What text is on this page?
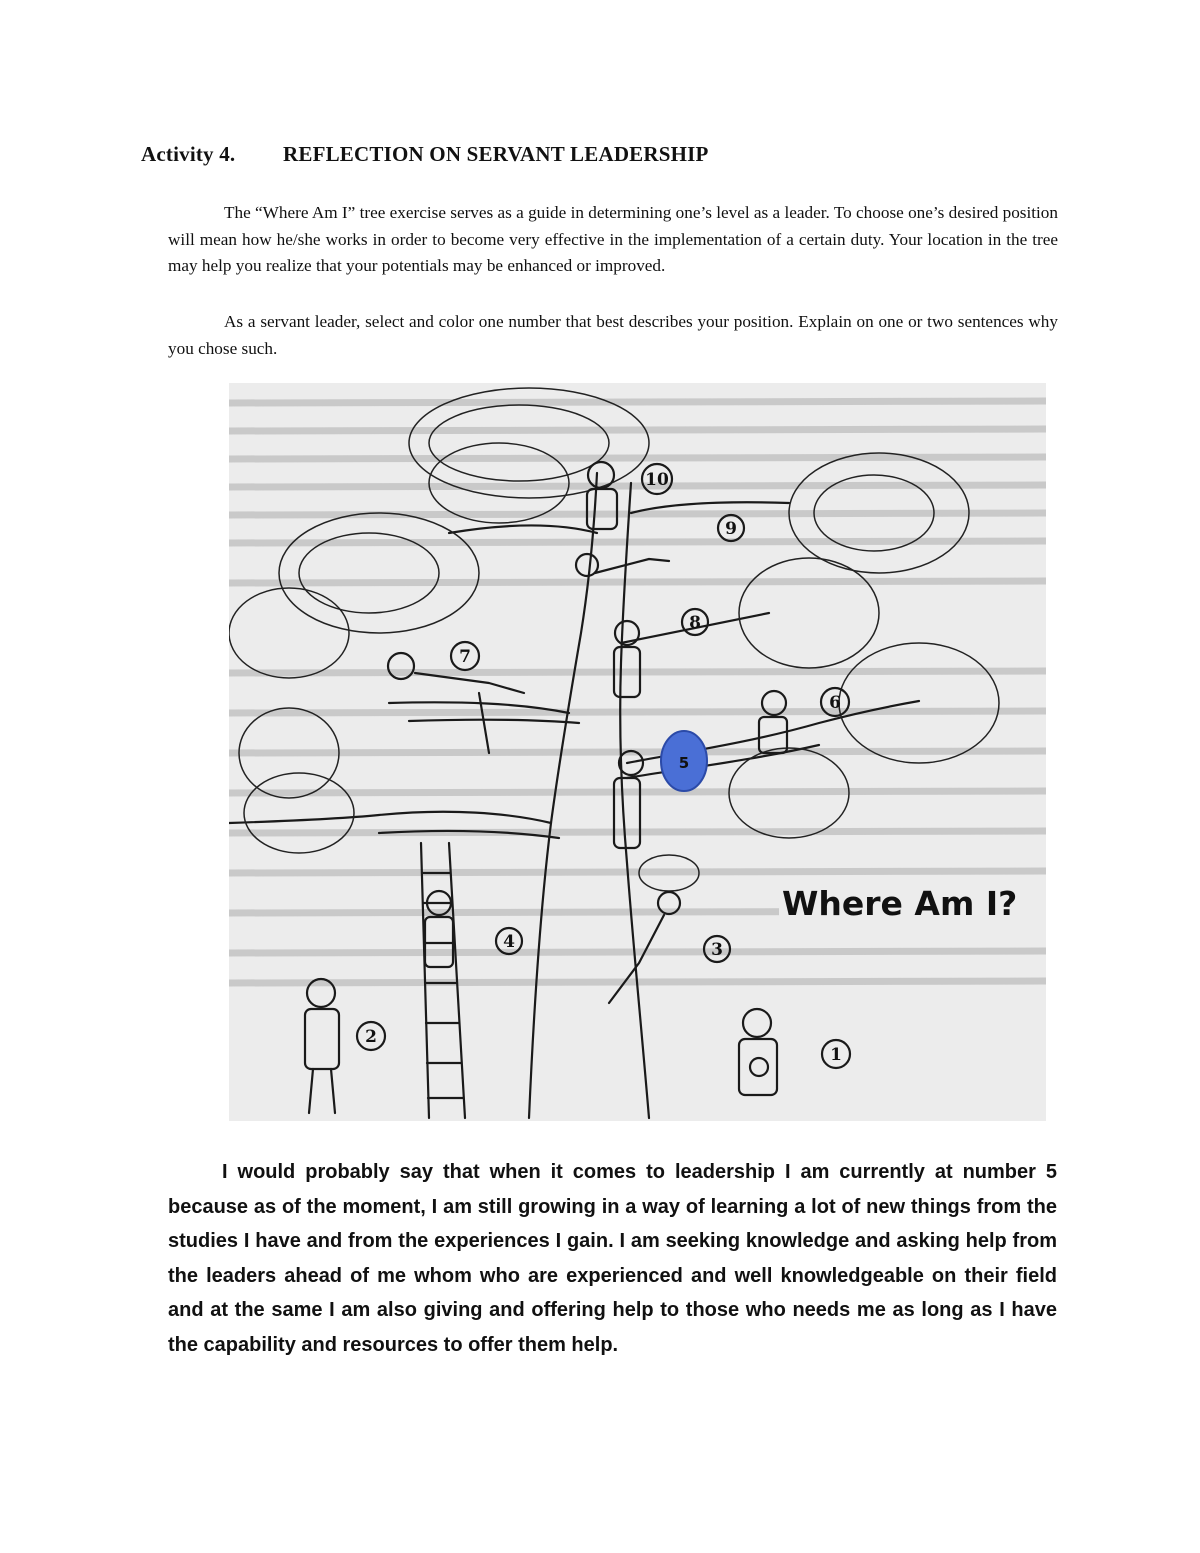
Activity 4. REFLECTION ON SERVANT LEADERSHIP

The “Where Am I” tree exercise serves as a guide in determining one’s level as a leader. To choose one’s desired position will mean how he/she works in order to become very effective in the implementation of a certain duty. Your location in the tree may help you realize that your potentials may be enhanced or improved.

As a servant leader, select and color one number that best describes your position. Explain on one or two sentences why you chose such.

10
9
8
7
6
5
4	3
2
1
Where Am I?

I would probably say that when it comes to leadership I am currently at number 5 because as of the moment, I am still growing in a way of learning a lot of new things from the studies I have and from the experiences I gain. I am seeking knowledge and asking help from the leaders ahead of me whom who are experienced and well knowledgeable on their field and at the same I am also giving and offering help to those who needs me as long as I have the capability and resources to offer them help.
